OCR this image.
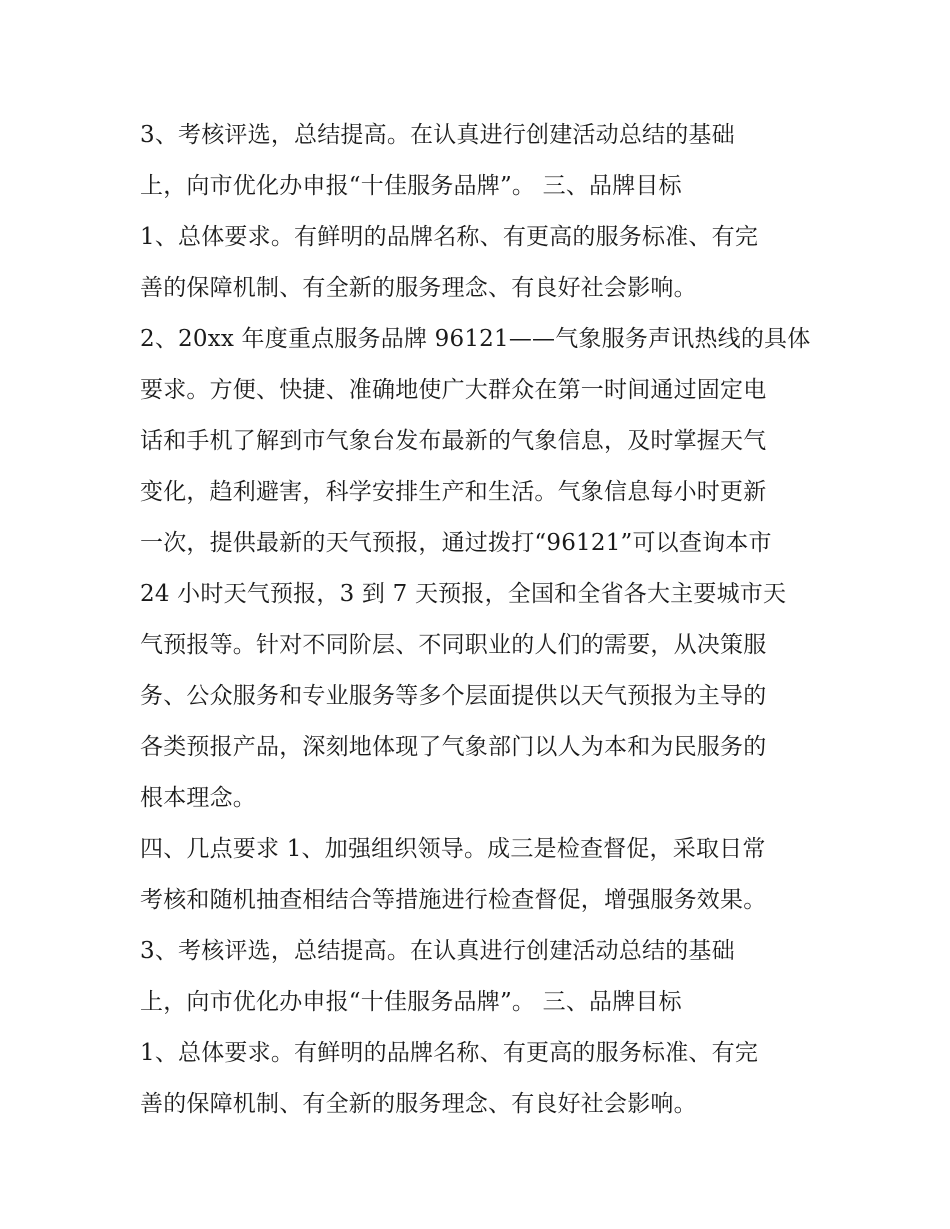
3、考核评选，总结提高。在认真进行创建活动总结的基础
上，向市优化办申报“十佳服务品牌”。 三、品牌目标
1、总体要求。有鲜明的品牌名称、有更高的服务标准、有完
善的保障机制、有全新的服务理念、有良好社会影响。
2、20xx 年度重点服务品牌 96121——气象服务声讯热线的具体
要求。方便、快捷、准确地使广大群众在第一时间通过固定电
话和手机了解到市气象台发布最新的气象信息，及时掌握天气
变化，趋利避害，科学安排生产和生活。气象信息每小时更新
一次，提供最新的天气预报，通过拨打“96121”可以查询本市
24 小时天气预报，3 到 7 天预报，全国和全省各大主要城市天
气预报等。针对不同阶层、不同职业的人们的需要，从决策服
务、公众服务和专业服务等多个层面提供以天气预报为主导的
各类预报产品，深刻地体现了气象部门以人为本和为民服务的
根本理念。
四、几点要求 1、加强组织领导。成三是检查督促，采取日常
考核和随机抽查相结合等措施进行检查督促，增强服务效果。
3、考核评选，总结提高。在认真进行创建活动总结的基础
上，向市优化办申报“十佳服务品牌”。 三、品牌目标
1、总体要求。有鲜明的品牌名称、有更高的服务标准、有完
善的保障机制、有全新的服务理念、有良好社会影响。
